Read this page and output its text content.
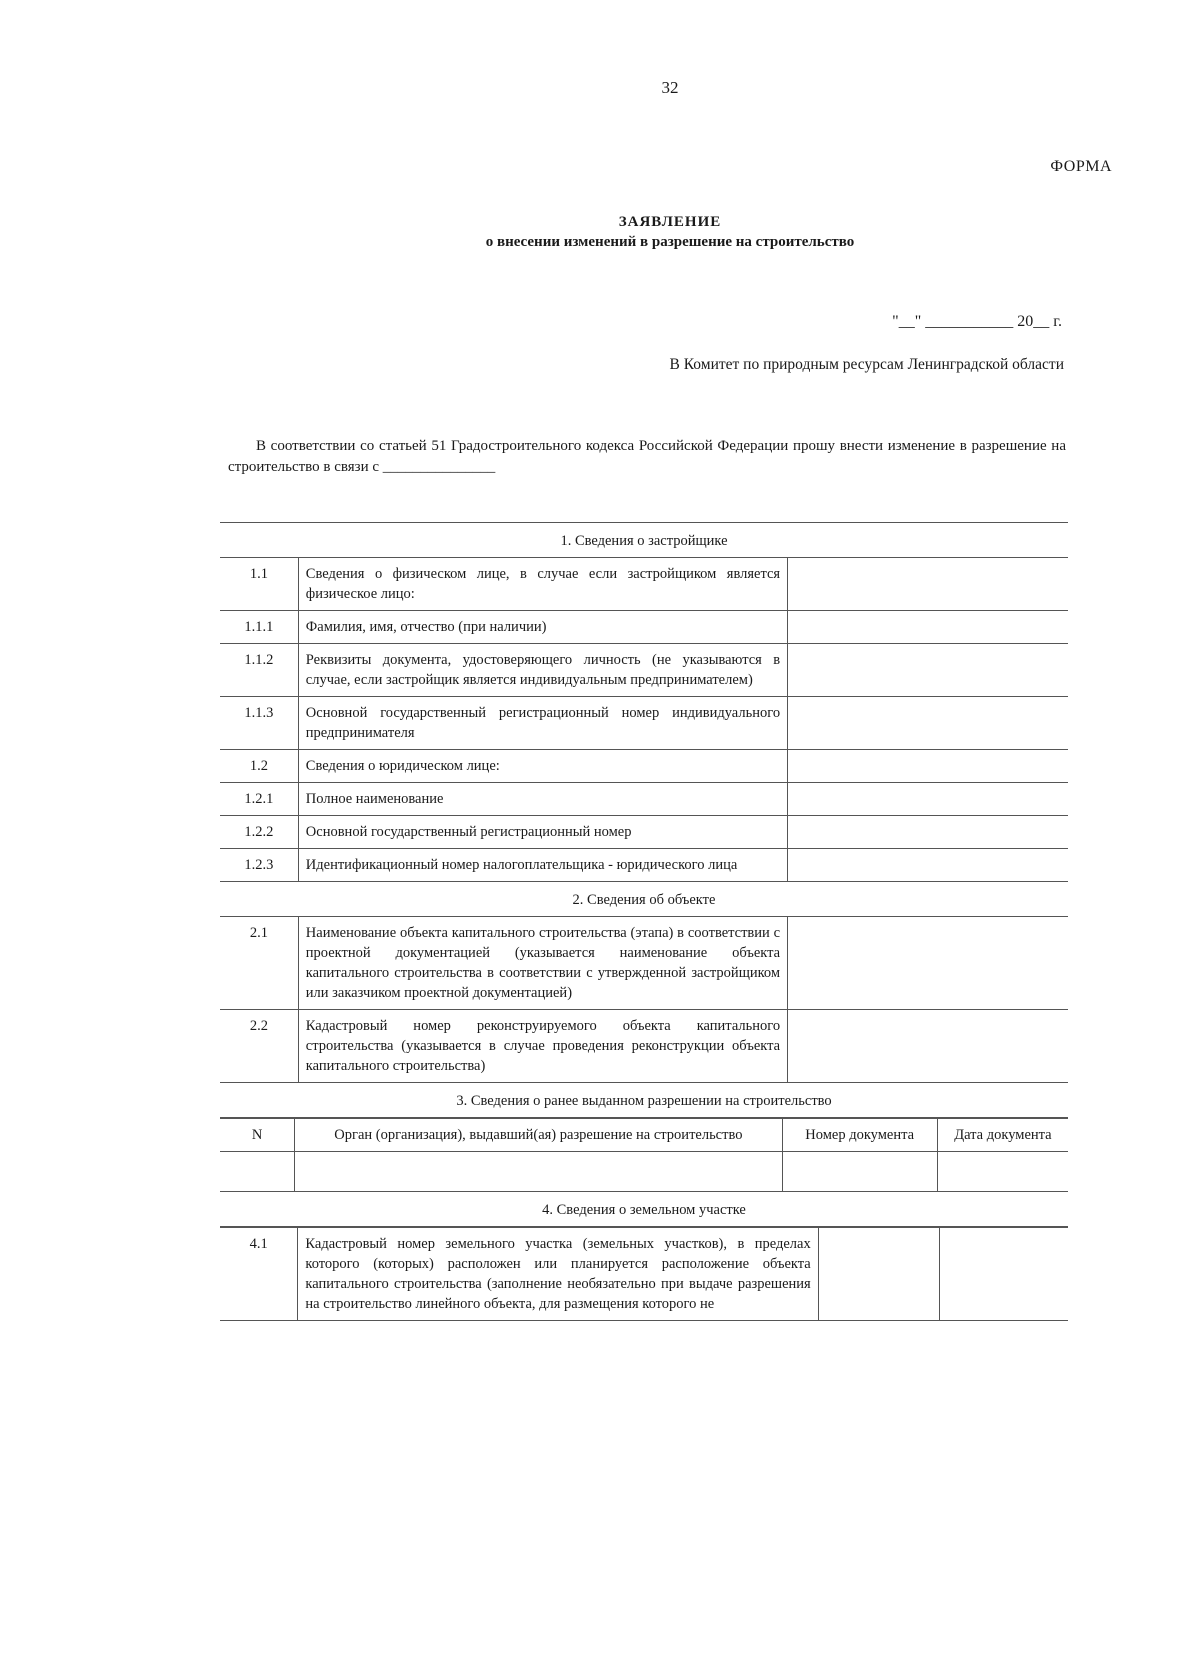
32
ФОРМА
ЗАЯВЛЕНИЕ
о внесении изменений в разрешение на строительство
"__" ___________ 20__ г.
В Комитет по природным ресурсам Ленинградской области
В соответствии со статьей 51 Градостроительного кодекса Российской Федерации прошу внести изменение в разрешение на строительство в связи с _______________
1. Сведения о застройщике		
1.1	Сведения о физическом лице, в случае если застройщиком является физическое лицо:	
1.1.1	Фамилия, имя, отчество (при наличии)	
1.1.2	Реквизиты документа, удостоверяющего личность (не указываются в случае, если застройщик является индивидуальным предпринимателем)	
1.1.3	Основной государственный регистрационный номер индивидуального предпринимателя	
1.2	Сведения о юридическом лице:	
1.2.1	Полное наименование	
1.2.2	Основной государственный регистрационный номер	
1.2.3	Идентификационный номер налогоплательщика - юридического лица	
2. Сведения об объекте		
2.1	Наименование объекта капитального строительства (этапа) в соответствии с проектной документацией (указывается наименование объекта капитального строительства в соответствии с утвержденной застройщиком или заказчиком проектной документацией)	
2.2	Кадастровый номер реконструируемого объекта капитального строительства (указывается в случае проведения реконструкции объекта капитального строительства)	
3. Сведения о ранее выданном разрешении на строительство		
N	Орган (организация), выдавший(ая) разрешение на строительство	Номер документа	Дата документа

4. Сведения о земельном участке			
4.1	Кадастровый номер земельного участка (земельных участков), в пределах которого (которых) расположен или планируется расположение объекта капитального строительства (заполнение необязательно при выдаче разрешения на строительство линейного объекта, для размещения которого не		
